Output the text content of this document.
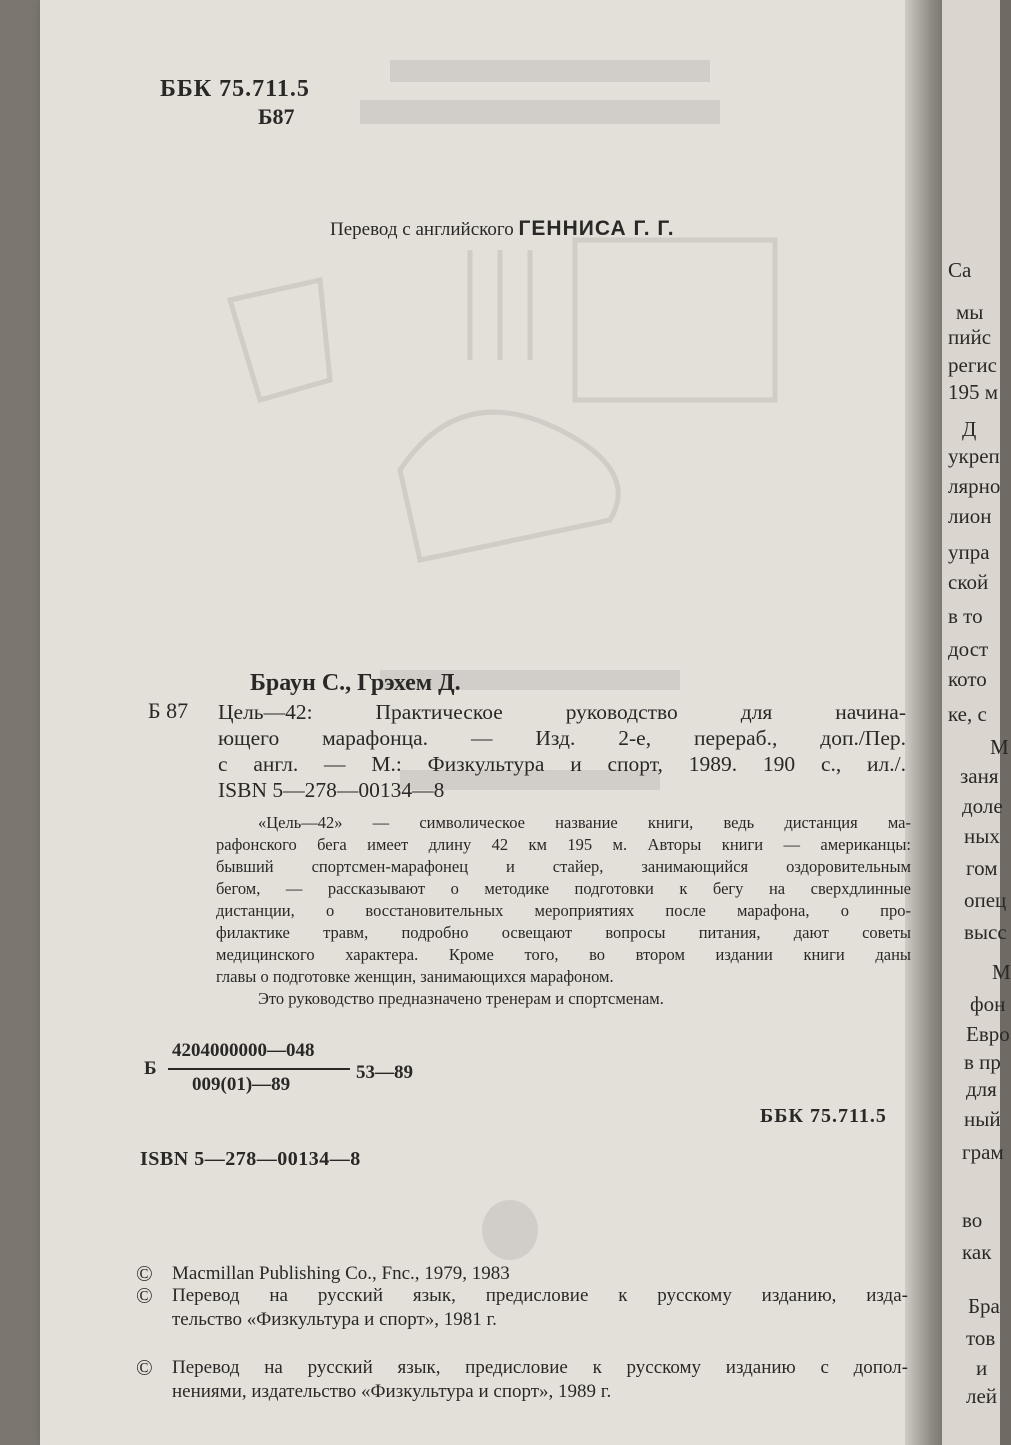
Са
мы
пийс
регис
195 м
Д
укреп
лярно
лион
упра
ской
в то
дост
кото
ке, с
М
заня
доле
ных
гом
опец
высс
М
фон
Евро
в пр
для
ный
грам
во
как
Бра
тов
и
лей
ББК 75.711.5
Б87
Перевод с английского ГЕННИСА Г. Г.
Браун С., Грэхем Д.
Б 87 Цель—42: Практическое руководство для начина-
ющего марафонца. — Изд. 2-е, перераб., доп./Пер.
с англ. — М.: Физкультура и спорт, 1989. 190 с., ил./.
ISBN 5—278—00134—8
«Цель—42» — символическое название книги, ведь дистанция ма-
рафонского бега имеет длину 42 км 195 м. Авторы книги — американцы:
бывший спортсмен-марафонец и стайер, занимающийся оздоровительным
бегом, — рассказывают о методике подготовки к бегу на сверхдлинные
дистанции, о восстановительных мероприятиях после марафона, о про-
филактике травм, подробно освещают вопросы питания, дают советы
медицинского характера. Кроме того, во втором издании книги даны
главы о подготовке женщин, занимающихся марафоном.
Это руководство предназначено тренерам и спортсменам.
Б
4204000000—048
009(01)—89
53—89
ББК 75.711.5
ISBN 5—278—00134—8
© Macmillan Publishing Co., Fnc., 1979, 1983
© Перевод на русский язык, предисловие к русскому изданию, изда-
тельство «Физкультура и спорт», 1981 г.
© Перевод на русский язык, предисловие к русскому изданию с допол-
нениями, издательство «Физкультура и спорт», 1989 г.
